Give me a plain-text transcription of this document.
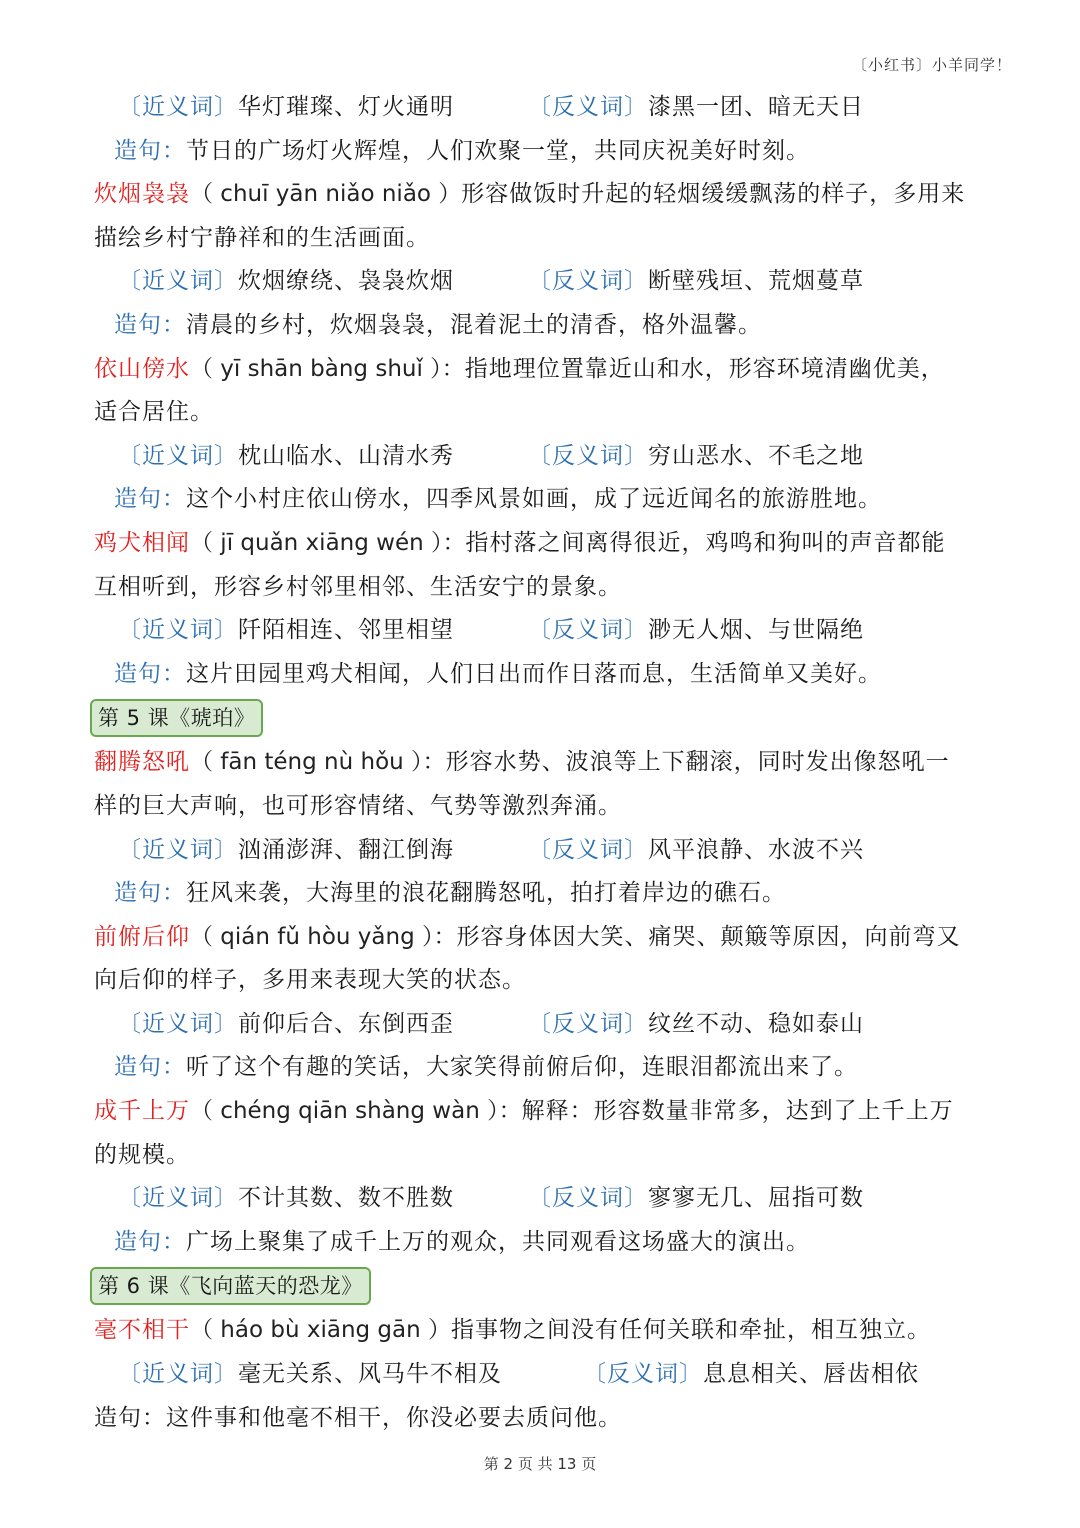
〔小红书〕小羊同学！
〔近义词〕华灯璀璨、灯火通明	〔反义词〕漆黑一团、暗无天日
造句：节日的广场灯火辉煌，人们欢聚一堂，共同庆祝美好时刻。
炊烟袅袅（ chuī yān niǎo niǎo ）形容做饭时升起的轻烟缓缓飘荡的样子，多用来
描绘乡村宁静祥和的生活画面。
〔近义词〕炊烟缭绕、袅袅炊烟	〔反义词〕断壁残垣、荒烟蔓草
造句：清晨的乡村，炊烟袅袅，混着泥土的清香，格外温馨。
依山傍水（ yī shān bàng shuǐ ）：指地理位置靠近山和水，形容环境清幽优美，
适合居住。
〔近义词〕枕山临水、山清水秀	〔反义词〕穷山恶水、不毛之地
造句：这个小村庄依山傍水，四季风景如画，成了远近闻名的旅游胜地。
鸡犬相闻（ jī quǎn xiāng wén ）：指村落之间离得很近，鸡鸣和狗叫的声音都能
互相听到，形容乡村邻里相邻、生活安宁的景象。
〔近义词〕阡陌相连、邻里相望	〔反义词〕渺无人烟、与世隔绝
造句：这片田园里鸡犬相闻，人们日出而作日落而息，生活简单又美好。
第 5 课《琥珀》
翻腾怒吼（ fān téng nù hǒu ）：形容水势、波浪等上下翻滚，同时发出像怒吼一
样的巨大声响，也可形容情绪、气势等激烈奔涌。
〔近义词〕汹涌澎湃、翻江倒海	〔反义词〕风平浪静、水波不兴
造句：狂风来袭，大海里的浪花翻腾怒吼，拍打着岸边的礁石。
前俯后仰（ qián fǔ hòu yǎng ）：形容身体因大笑、痛哭、颠簸等原因，向前弯又
向后仰的样子，多用来表现大笑的状态。
〔近义词〕前仰后合、东倒西歪	〔反义词〕纹丝不动、稳如泰山
造句：听了这个有趣的笑话，大家笑得前俯后仰，连眼泪都流出来了。
成千上万（ chéng qiān shàng wàn ）：解释：形容数量非常多，达到了上千上万
的规模。
〔近义词〕不计其数、数不胜数	〔反义词〕寥寥无几、屈指可数
造句：广场上聚集了成千上万的观众，共同观看这场盛大的演出。
第 6 课《飞向蓝天的恐龙》
毫不相干（ háo bù xiāng gān ）指事物之间没有任何关联和牵扯，相互独立。
〔近义词〕毫无关系、风马牛不相及	〔反义词〕息息相关、唇齿相依
造句：这件事和他毫不相干，你没必要去质问他。
第 2 页 共 13 页
